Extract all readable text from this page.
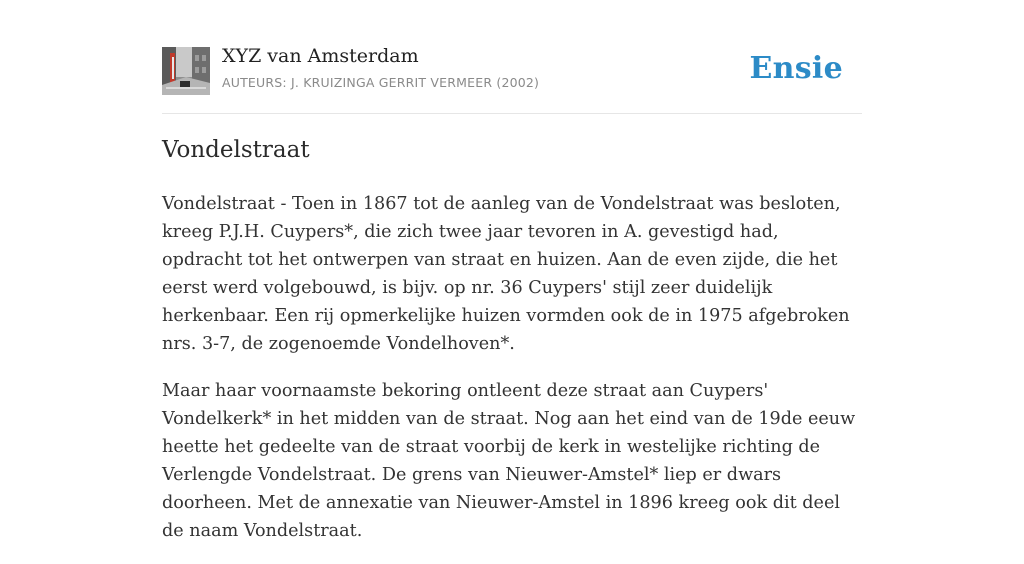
XYZ van Amsterdam
AUTEURS: J. KRUIZINGA GERRIT VERMEER (2002)	Ensie
Vondelstraat

Vondelstraat - Toen in 1867 tot de aanleg van de Vondelstraat was besloten, kreeg P.J.H. Cuypers*, die zich twee jaar tevoren in A. gevestigd had, opdracht tot het ontwerpen van straat en huizen. Aan de even zijde, die het eerst werd volgebouwd, is bijv. op nr. 36 Cuypers' stijl zeer duidelijk herkenbaar. Een rij opmerkelijke huizen vormden ook de in 1975 afgebroken nrs. 3-7, de zogenoemde Vondelhoven*.

Maar haar voornaamste bekoring ontleent deze straat aan Cuypers' Vondelkerk* in het midden van de straat. Nog aan het eind van de 19de eeuw heette het gedeelte van de straat voorbij de kerk in westelijke richting de Verlengde Vondelstraat. De grens van Nieuwer-Amstel* liep er dwars doorheen. Met de annexatie van Nieuwer-Amstel in 1896 kreeg ook dit deel de naam Vondelstraat.
